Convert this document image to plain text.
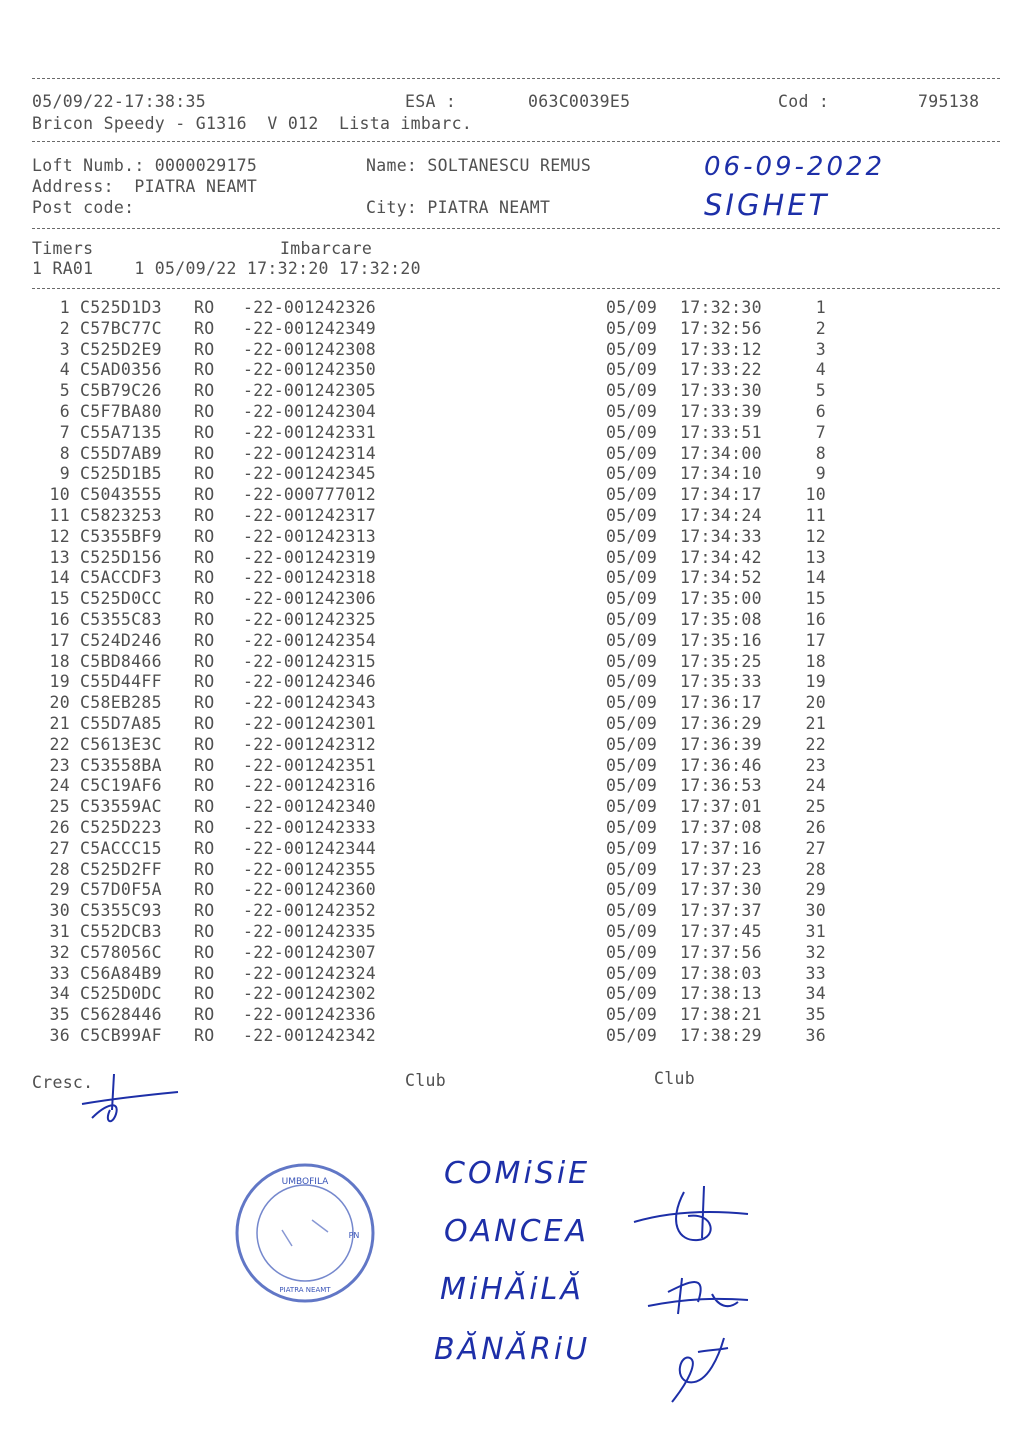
05/09/22-17:38:35	ESA :	063C0039E5	Cod :	795138
Bricon Speedy - G1316  V 012  Lista imbarc.
Loft Numb.: 0000029175	Name: SOLTANESCU REMUS
Address:  PIATRA NEAMT
Post code:	City: PIATRA NEAMT
06-09-2022
SIGHET
Timers	Imbarcare
1 RA01    1 05/09/22 17:32:20 17:32:20
1 C525D1D3 RO -22-001242326	05/09 17:32:30	1
2 C57BC77C RO -22-001242349	05/09 17:32:56	2
3 C525D2E9 RO -22-001242308	05/09 17:33:12	3
4 C5AD0356 RO -22-001242350	05/09 17:33:22	4
5 C5B79C26 RO -22-001242305	05/09 17:33:30	5
6 C5F7BA80 RO -22-001242304	05/09 17:33:39	6
7 C55A7135 RO -22-001242331	05/09 17:33:51	7
8 C55D7AB9 RO -22-001242314	05/09 17:34:00	8
9 C525D1B5 RO -22-001242345	05/09 17:34:10	9
10 C5043555 RO -22-000777012	05/09 17:34:17	10
11 C5823253 RO -22-001242317	05/09 17:34:24	11
12 C5355BF9 RO -22-001242313	05/09 17:34:33	12
13 C525D156 RO -22-001242319	05/09 17:34:42	13
14 C5ACCDF3 RO -22-001242318	05/09 17:34:52	14
15 C525D0CC RO -22-001242306	05/09 17:35:00	15
16 C5355C83 RO -22-001242325	05/09 17:35:08	16
17 C524D246 RO -22-001242354	05/09 17:35:16	17
18 C5BD8466 RO -22-001242315	05/09 17:35:25	18
19 C55D44FF RO -22-001242346	05/09 17:35:33	19
20 C58EB285 RO -22-001242343	05/09 17:36:17	20
21 C55D7A85 RO -22-001242301	05/09 17:36:29	21
22 C5613E3C RO -22-001242312	05/09 17:36:39	22
23 C53558BA RO -22-001242351	05/09 17:36:46	23
24 C5C19AF6 RO -22-001242316	05/09 17:36:53	24
25 C53559AC RO -22-001242340	05/09 17:37:01	25
26 C525D223 RO -22-001242333	05/09 17:37:08	26
27 C5ACCC15 RO -22-001242344	05/09 17:37:16	27
28 C525D2FF RO -22-001242355	05/09 17:37:23	28
29 C57D0F5A RO -22-001242360	05/09 17:37:30	29
30 C5355C93 RO -22-001242352	05/09 17:37:37	30
31 C552DCB3 RO -22-001242335	05/09 17:37:45	31
32 C578056C RO -22-001242307	05/09 17:37:56	32
33 C56A84B9 RO -22-001242324	05/09 17:38:03	33
34 C525D0DC RO -22-001242302	05/09 17:38:13	34
35 C5628446 RO -22-001242336	05/09 17:38:21	35
36 C5CB99AF RO -22-001242342	05/09 17:38:29	36
Cresc.	Club	Club
UMBOFILA
PN
PIATRA NEAMT
COMiSiE
OANCEA
MiHĂiLĂ
BĂNĂRiU
